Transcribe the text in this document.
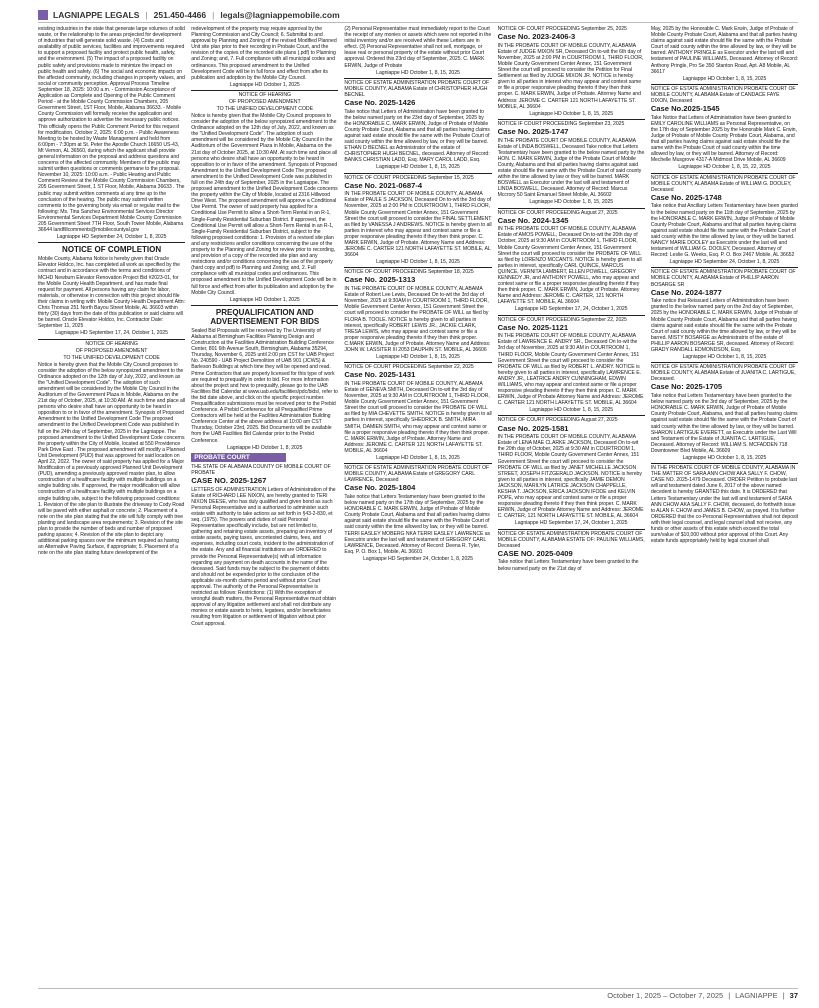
LAGNIAPPE LEGALS | 251.450-4466 | legals@lagniappemobile.com

existing industries in the state that generate large volumes of solid waste, or the relationship to the areas projected for development of industries that will generate solid waste. (4) Costs and availability of public services, facilities and improvements required to support a proposed facility and protect public health, safety, and the environment. (5) The impact of a proposed facility on public safety and provisions made to minimize the impact on public health and safety. (6) The social and economic impacts on the affected community, including changes in property values, and social or community perception. Approval Process Timeline September 18, 2025: 10:00 a.m. - Commission Acceptance of Application as Complete and Opening of the Public Comment Period - at the Mobile County Commission Chambers, 205 Government Street, 1ST Floor, Mobile, Alabama 36633. - Mobile County Commission will formally receive the application and approve authorization to advertise the necessary public notices. This officially opens the Public Comment Period for this request for modification. October 2, 2025: 6:00 p.m. - Public Awareness Meeting to be hosted by Waste Management and held from 6:00pm - 7:30pm at St. Peter the Apostle Church 16650 US-43, Mt Vernon, AL 36560, during which the applicant shall provide general information on the proposal and address questions and concerns of the affected community. Members of the public may submit written questions or comments germane to the proposal. November 10, 2025: 10:00 a.m. - Public Hearing and Public Comment Review at the Mobile County Commission Chambers, 205 Government Street, 1 ST Floor, Mobile, Alabama 36633 . The public may submit written comments at any time up to the conclusion of the hearing. The public may submit written comments to the governing body via email or regular mail to the following: Ms. Tina Sanchez Environmental Services Director Environmental Services Department Mobile County Commission 205 Government Street 7TH Floor, South Tower Mobile, Alabama 36644 landfillcomments@mobilecountyal.gov

Lagniappe HD September 24, October 1, 8, 2025

NOTICE OF COMPLETION

Mobile County, Alabama Notice is hereby given that Oracle Elevator Holdco, Inc. has completed all work as specified by the contract and in accordance with the terms and conditions of MCHD Newburn Elevator Renovation Project Bid #2023-01, for the Mobile County Health Department, and has made final request for payment. All persons having any claim for labor, materials, or otherwise in connection with this project should file their claims in writing with: Mobile County Health Department Attn: Chris Thomas 251 North Bayou Street Mobile, AL 36603 within thirty (30) days from the date of this publication or said claims will be barred. Oracle Elevator Holdco, Inc. Contractor Date: September 11, 2025

Lagniappe HD September 17, 24, October 1, 2025

NOTICE OF HEARING

OF PROPOSED AMENDMENT

TO THE UNIFIED DEVELOPMENT CODE

Notice is hereby given that the Mobile City Council proposes to consider the adoption of the below synopsized amendment to the Ordinance adopted on the 12th day of July, 2022, and known as the "Unified Development Code". The adoption of such amendment will be considered by the Mobile City Council in the Auditorium of the Government Plaza in Mobile, Alabama on the 21st day of October, 2025, at 10:30 AM. At such time and place all persons who desire shall have an opportunity to be heard in opposition to or in favor of the amendment. Synopsis of Proposed Amendment to the Unified Development Code The proposed amendment to the Unified Development Code was published in full on the 24th day of September, 2025 in the Lagniappe. The proposed amendment to the Unified Development Code concerns the property within the City of Mobile, located at 550 Providence Park Drive East . The proposed amendment will modify a Planned Unit Development (PUD) that was approved for said location on April 22, 2022. The owner of said property has applied for a Major Modification of a previously approved Planned Unit Development (PUD), amending a previously approved master plan, to allow construction of a healthcare facility with multiple buildings on a single building site. If approved, the major modification will allow construction of a healthcare facility with multiple buildings on a single building site, subject to the following proposed conditions: 1. Revision of the site plan to illustrate the driveway to Cody Road will be paved with either asphalt or concrete; 2. Placement of a note on the site plan stating that the site will fully comply with tree planting and landscape area requirements; 3. Revision of the site plan to provide the number of beds and number of proposed parking spaces; 4. Revision of the site plan to depict any additional parking spaces over the minimum required as having an Alternative Paving Surface, if appropriate; 5. Placement of a note on the site plan stating future development of the

redevelopment of the property may require approval by the Planning Commission and City Council; 6. Submittal to and approval by Planning and Zoning of the revised Modified Planned Unit site plan prior to their recording in Probate Court, and the revision of the copies of the recorded site plans (.pdf) to Planning and Zoning; and, 7. Full compliance with all municipal codes and ordinances. This proposed amendment to the Unified Development Code will be in full force and effect from after its publication and adoption by the Mobile City Council.

Lagniappe HD October 1, 2025

NOTICE OF HEARING

OF PROPOSED AMENDMENT

TO THE UNIFIED DEVELOPMENT CODE

Notice is hereby given that the Mobile City Council proposes to consider the adoption of the below synopsized amendment to the Ordinance adopted on the 12th day of July, 2022, and known as the "Unified Development Code". The adoption of such amendment will be considered by the Mobile City Council in the Auditorium of the Government Plaza in Mobile, Alabama on the 21st day of October 2025, at 10:30 AM. At such time and place all persons who desire shall have an opportunity to be heard in opposition to or in favor of the amendment. Synopsis of Proposed Amendment to the Unified Development Code The proposed amendment to the Unified Development Code was published in full on the 24th day of September, 2025 in the Lagniappe. The proposed amendment to the Unified Development Code concerns the property within the City of Mobile, located at 2316 Hillwood Drive West. The proposed amendment will approve a Conditional Use Permit. The owner of said property has applied for a Conditional Use Permit to allow a Short-Term Rental in an R-1, Single-Family Residential Suburban District. If approved, the Conditional Use Permit will allow a Short-Term Rental in an R-1, Single-Family Residential Suburban District, subject to the following proposed conditions: 1. Provision of a revised site plan and any restrictions and/or conditions concerning the use of the property to the Planning and Zoning for review prior to recording, and provision of a copy of the recorded site plan and any restrictions and/or conditions concerning the use of the property (hard copy and pdf) to Planning and Zoning; and, 2. Full compliance with all municipal codes and ordinances. This proposed amendment to the Unified Development Code will be in full force and effect from after its publication and adoption by the Mobile City Council.

Lagniappe HD October 1, 2025

PREQUALIFICATION AND ADVERTISEMENT FOR BIDS

Sealed Bid Proposals will be received by The University of Alabama at Birmingham Facilities Planning Design and Construction at the Facilities Administration Building Conference Center, 801 6th Avenue South, Birmingham, Alabama 35294, Thursday, November 6, 2025 until 2:00 pm CST for UAB Project No. 240590 - UAB Project Demolition of UAB 901 (JCWS) & Barleson Buildings at which time they will be opened and read. Prime Contractors that are properly licensed for this type of work are required to prequalify in order to bid. For more information about the project and how to prequalify, please go to the UAB Facilities Bid Calendar at www.uab.edu/facilities/pdc/bids/, refer to the bid date above, and click on the specific project number. Prequalification submissions must be received prior to the Prebid Conference. A Prebid Conference for all Prequalified Prime Contractors will be held at the Facilities Administration Building Conference Center at the above address at 10:00 am CST Thursday, October 23rd, 2025. Bid Documents will be available from the UAB Facilities Bid Calendar prior to the Prebid Conference.

Lagniappe HD October 1, 8, 2025

PROBATE COURT

THE STATE OF ALABAMA COUNTY OF MOBILE COURT OF PROBATE

CASE NO. 2025-1267

LETTERS OF ADMINISTRATION Letters of Administration of the Estate of RICHARD LEE NIXON, are hereby granted to TERI NIXON DEESE, who has duly qualified and given bond as such Personal Representative and is authorized to administer such estate with authority to take actions as set forth in §43-2-830, et seq. (1975). The powers and duties of said Personal Representative specifically include, but are not limited to, gathering and retaining estate assets, preparing an inventory of estate assets, paying taxes, uncontested claims, fees, and expenses, including court costs, incident to the administration of the estate. Any and all financial institutions are ORDERED to provide the Personal Representative(s) with all information regarding any payment on death accounts in the name of the deceased. Said funds may be subject to the payment of debts and should not be expended prior to the conclusion of the applicable six-month claims period and without prior Court approval. The authority of the Personal Representative is restricted as follows: Restrictions: (1) With the exception of wrongful death matters, the Personal Representative must obtain approval of any litigation settlement and shall not distribute any monies or estate assets to heirs, legatees, and/or beneficiaries resulting from litigation or settlement of litigation without prior Court approval.

(2) Personal Representative must immediately report to the Court the receipt of any monies or assets which were not reported in the initial inventory and/or are received while these Letters are in effect. (3) Personal Representative shall not sell, mortgage, or lease real or personal property of the estate without prior Court approval. Ordered this 23rd day of September, 2025. C. MARK ERWIN, Judge of Probate

Lagniappe HD October 1, 8, 15, 2025

NOTICE OF ESTATE ADMINISTRATION PROBATE COURT OF MOBILE COUNTY, ALABAMA Estate of CHRISTOPHER HUGH BECNEL

Case No. 2025-1426

Take notice that Letters of Administration have been granted to the below named party on the 23rd day of September, 2025 by the HONORABLE C. MARK ERWIN, Judge of Probate of Mobile County Probate Court, Alabama and that all parties having claims against said estate should file the same with the Probate Court of said county within the time allowed by law, or they will be barred. ETHAN D BECNEL as Administrator of the estate of CHRISTOPHER HUGH BECNEL, deceased. Attorney of Record: BANKS CHRISTIAN LADD, Esq. MARY CAROL LADD, Esq.

Lagniappe HD October 1, 8, 15, 2025

NOTICE OF COURT PROCEEDING September 15, 2025

Case No. 2021-0687-4

IN THE PROBATE COURT OF MOBILE COUNTY, ALABAMA Estate of PAULE S JACKSON, Deceased On to-wit the 3rd day of November, 2025 at 2:00 PM in COURTROOM 1, THIRD FLOOR, Mobile County Government Center Annex, 151 Government Street the court will proceed to consider the FINAL SETTLEMENT as filed by VANESSA J ANDREWS. NOTICE is hereby given to all parties in interest who may appear and contest same or file a proper responsive pleading thereto if they then think proper. C. MARK ERWIN, Judge of Probate. Attorney Name and Address: JEROME C. CARTER 121 NORTH LAFAYETTE ST. MOBILE, AL 36604

Lagniappe HD October 1, 8, 15, 2025

NOTICE OF COURT PROCEEDING September 18, 2025

Case No. 2025-1313

IN THE PROBATE COURT OF MOBILE COUNTY, ALABAMA Estate of Robert Lee Lewis, Deceased On to-wit the 3rd day of November, 2025 at 9:30AM in COURTROOM 1, THIRD FLOOR, Mobile Government Center Annex, 151 Government Street the court will proceed to consider the PROBATE OF WILL as filed by FLORA B. TOOLE. NOTICE is hereby given to all parties in interest, specifically ROBERT LEWIS JR., JACKIE CLARK, TRESA LEWIS, who may appear and contest same or file a proper responsive pleading thereto if they then think proper. C.MARK ERWIN, Judge of Probate. Attorney Name and Address: JOHN W. LASSITER III 2053 DAUPHIN ST. MOBILE, AL 36606

Lagniappe HD October 1, 8, 15, 2025

NOTICE OF COURT PROCEEDING September 22, 2025

Case No. 2025-1431

IN THE PROBATE COURT OF MOBILE COUNTY, ALABAMA Estate of GENEVA SMITH, Deceased On to-wit the 3rd day of November, 2025 at 9:30 AM in COURTROOM 1, THIRD FLOOR, Mobile County Government Center Annex, 151 Government Street the court will proceed to consider the PROBATE OF WILL as filed by MIA CHEVETTE SMITH. NOTICE is hereby given to all parties in interest, specifically SHEDRICK B. SMITH, MIRA SMITH, DAMIEN SMITH, who may appear and contest same or file a proper responsive pleading thereto if they then think proper. C. MARK ERWIN, Judge of Probate. Attorney Name and Address: JEROME C. CARTER 121 NORTH LAFAYETTE ST. MOBILE, AL 36604

Lagniappe HD October 1, 8, 15, 2025

NOTICE OF ESTATE ADMINISTRATION PROBATE COURT OF MOBILE COUNTY, ALABAMA Estate of GREGORY CARL LAWRENCE, Deceased

Case No. 2025-1804

Take notice that Letters Testamentary have been granted to the below named party on the 17th day of September, 2025 by the HONORABLE C. MARK ERWIN, Judge of Probate of Mobile County Probate Court, Alabama and that all parties having claims against said estate should file the same with the Probate Court of said county within the time allowed by law, or they will be barred. TERRI EASLEY MOBERG NKA TERRI EASLEY LAWRENCE as Executrix under the last will and testament of GREGORY CARL LAWRENCE, Deceased. Attorney of Record: Deena R. Tyler, Esq. P. O. Box 1, Mobile, AL 36601

Lagniappe HD September 24, October 1, 8, 2025

NOTICE OF COURT PROCEEDING September 25, 2025

Case No. 2023-2406-3

IN THE PROBATE COURT OF MOBILE COUNTY, ALABAMA Estate of JUDGE MIXON SR, Deceased On to-wit the 6th day of November, 2025 at 2:00 PM in COURTROOM 1, THIRD FLOOR, Mobile County Government Center Annex, 151 Government Street the court will proceed to consider the Petition for Final Settlement as filed by JUDGE MIXON JR. NOTICE is hereby given to all parties in interest who may appear and contest same or file a proper responsive pleading thereto if they then think proper. C. MARK ERWIN, Judge of Probate. Attorney Name and Address: JEROME C. CARTER 121 NORTH LAFAYETTE ST. MOBILE, AL 36604

Lagniappe HD October 1, 8, 15, 2025

NOTICE IF COURT PROCEEDING September 23, 2025

Case No. 2025-1747

IN THE PROBATE COURT OF MOBILE COUNTY, ALABAMA Estate of LINDA BOSWELL, Deceased Take notice that Letters Testamentary have been granted to the below named party by the HON. C. MARK ERWIN, Judge of the Probate Court of Mobile County, Alabama and that all parties having claims against said estate should file the same with the Probate Court of said county within the time allowed by law or they will be barred. MARK BOSWELL as Executor under the last will and testament of LINDA BOSWELL, Deceased. Attorney of Record: Marcus Mccrory 50 Saint Emanuel Street Mobile, AL 36602

Lagniappe HD October 1, 8, 15, 2025

NOTICE OF COURT PROCEEDING August 27, 2025

Case No. 2024-1345

IN THE PROBATE COURT OF MOBILE COUNTY, ALABAMA Estate of AMOS POWELL, Deceased On to-wit the 20th day of October, 2025 at 9:30 AM in COURTROOM 1, THIRD FLOOR, Mobile County Government Center Annex, 151 Government Street the court will proceed to consider the PROBATE OF WILL as filed by LORENZO MCCANTS. NOTICE is hereby given to all parties in interest, specifically CARL QUINCE, MARCUS QUINCE, VERNITA LAMBERT, ELLEN POWELL, GREGORY KENNEDY JR, and ANTHONY POWELL, who may appear and contest same or file a proper responsive pleading thereto if they then think proper. C. MARK ERWIN, Judge of Probate. Attorney Name and Address: JEROME C. CARTER, 121 NORTH LAFAYETTE ST. MOBILE, AL 36604

Lagniappe HD September 17, 24, October 1, 2025

NOTICE OF COURT PROCEEDING September 22, 2025

Case No. 2025-1121

IN THE PROBATE COURT OF MOBILE COUNTY, ALABAMA Estate of LAWRENCE E. ANDRY SR., Deceased On to-wit the 3rd day of November, 2025 at 9:30 AM in COURTROOM 1, THIRD FLOOR, Mobile County Government Center Annex, 151 Government Street the court will proceed to consider the PROBATE OF WILL as filed by ROBERT L. ANDRY. NOTICE is hereby given to all parties in interest, specifically LAWRENCE E. ANDRY JR., LEATRICE ANDRY CUNNINGHAM, EDWIN WILLIAMS, who may appear and contest same or file a proper responsive pleading thereto if they then think proper. C. MARK ERWIN, Judge of Probate Attorney Name and Address: JEROME C. CARTER 121 NORTH LAFAYETTE ST. MOBILE, AL 36604

Lagniappe HD October 1, 8, 15, 2025

NOTICE OF COURT PROCEEDING August 27, 2025

Case No. 2025-1581

IN THE PROBATE COURT OF MOBILE COUNTY, ALABAMA Estate of LENA MAE CLARKE JACKSON, Deceased On to-wit the 20th day of October, 2025 at 9:30 AM in COURTROOM 1, THIRD FLOOR, Mobile County Government Center Annex, 151 Government Street the court will proceed to consider the PROBATE OF WILL as filed by JANET MICHELLE JACKSON STREET, JOSEPH FITZGERALD JACKSON. NOTICE is hereby given to all parties in interest, specifically JAMIE DEMON JACKSON, MARILYN LATRICE JACKSON CHAPPELLE, KESHIA T. JACKSON, ERICA JACKSON IFODE and KELVIN POPE, who may appear and contest same or file a proper responsive pleading thereto if they then think proper. C. MARK ERWIN, Judge of Probate Attorney Name and Address: JEROME C. CARTER, 121 NORTH LAFAYETTE ST. MOBILE, AL 36604

Lagniappe HD September 17, 24, October 1, 2025

NOTICE OF ESTATE ADMINISTRATION PROBATE COURT OF MOBILE COUNTY, ALABAMA ESTATE OF: PAULINE WILLIAMS, Deceased

CASE NO. 2025-0409

Take notice that Letters Testamentary have been granted to the below named party on the 21st day of

May, 2025 by the Honorable C. Mark Erwin, Judge of Probate of Mobile County Probate Court, Alabama and that all parties having claims against said estate should file the same with the Probate Court of said county within the time allowed by law, or they will be barred. ANTHONY PRINGLE as Executor under the last will and testament of PAULINE WILLIAMS, Deceased. Attorney of Record: Anthony Pringle, Pro Se 350 Stanton Road, Apt. A8 Mobile, AL 36617

Lagniappe HD October 1, 8, 15, 2025

NOTICE OF ESTATE ADMINISTRATION PROBATE COURT OF MOBILE COUNTY, ALABAMA Estate of CANDACE FAYE DIXON, Deceased

Case No.2025-1545

Take Notice that Letters of Administration have been granted to EMILY CAROLINE WILLIAMS as Personal Representative, on the 17th day of September 2025 by the Honorable Mark C. Erwin, Judge of Probate of Mobile County Probate Court, Alabama, and that all parties having claims against said estate should file the same with the Probate Court of said county within the time allowed by law, or they will be barred. Attorney of Record: Mechelle Musgrove 4317-A Midmost Drive Mobile, AL 36609

Lagniappe HD October 1, 8, 15, 22, 2025

NOTICE OF ESTATE ADMINISTRATION PROBATE COURT OF MOBILE COUNTY, ALABAMA Estate of WILLIAM G. DOOLEY, Deceased

Case No. 2025-1748

Take notice that Ancillary Letters Testamentary have been granted to the below named party on the 11th day of September, 2025 by the HONORABLE C. MARK ERWIN, Judge of Probate of Mobile County Probate Court, Alabama and that all parties having claims against said estate should file the same with the Probate Court of said county within the time allowed by law, or they will be barred. NANCY MARIE DOOLEY as Executrix under the last will and testament of WILLIAM G. DOOLEY, Deceased. Attorney of Record: Leslie G. Weeks, Esq. P. O. Box 2467 Mobile, AL 36652

Lagniappe HD September 24, October 1, 8, 2025

NOTICE OF ESTATE ADMINISTRATION PROBATE COURT OF MOBILE COUNTY, ALABAMA Estate of PHILLIP AARON BOSARGE SR

Case No. 2024-1877

Take notice that Reissued Letters of Administration have been granted to the below named party on the 2nd day of September, 2025 by the HONORABLE C. MARK ERWIN, Judge of Probate of Mobile County Probate Court, Alabama and that all parties having claims against said estate should file the same with the Probate Court of said county within the time allowed by law, or they will be barred. MISTY BOSARGE as Administratrix of the estate of PHILLIP AARON BOSARGE SR, deceased. Attorney of Record: GRADY RANDALL EDMONDSON, Esq.

Lagniappe HD October 1, 8, 15, 2025

NOTICE OF ESTATE ADMINISTRATION PROBATE COURT OF MOBILE COUNTY, ALABAMA Estate of JUANITA C. LARTIGUE, Deceased.

Case No: 2025-1705

Take notice that Letters Testamentary have been granted to the below named party on the 3rd day of September, 2025 by the HONORABLE C. MARK ERWIN, Judge of Probate of Mobile County Probate Court, Alabama, and that all parties having claims against said estate should file the same with the Probate Court of said county within the time allowed by law, or they will be barred. SHARON LARTIGUE EVERETT, as Executrix under the Last Will and Testament of the Estate of JUANITA C. LARTIGUE, Deceased. Attorney of Record: WILLIAM S. MCFADDEN 718 Downtowner Blvd Mobile, AL 36609

Lagniappe HD October 1, 8, 15, 2025

IN THE PROBATE COURT OF MOBILE COUNTY, ALABAMA IN THE MATTER OF SARA ANN CHOW AKA SALLY F. CHOW, CASE NO. 2025-1479 Deceased. ORDER Petition to probate last will and testament dated June 6, 2017 of the above named decedent is hereby GRANTED this date. It is ORDERED that Letters Testamentary under the last will and testament of SARA ANN CHOW AKA SALLY F. CHOW, deceased, do forthwith issue to ALAN F. CHOW and JAMES B. CHOW, as prayed. It is further ORDERED that the co-Personal Representatives shall not deposit with their legal counsel, and legal counsel shall not receive, any funds or other assets of this estate which exceed the total sum/value of $10,000 without prior approval of this Court. Any estate funds appropriately held by legal counsel shall

October 1, 2025 – October 7, 2025 | LAGNIAPPE | 37
